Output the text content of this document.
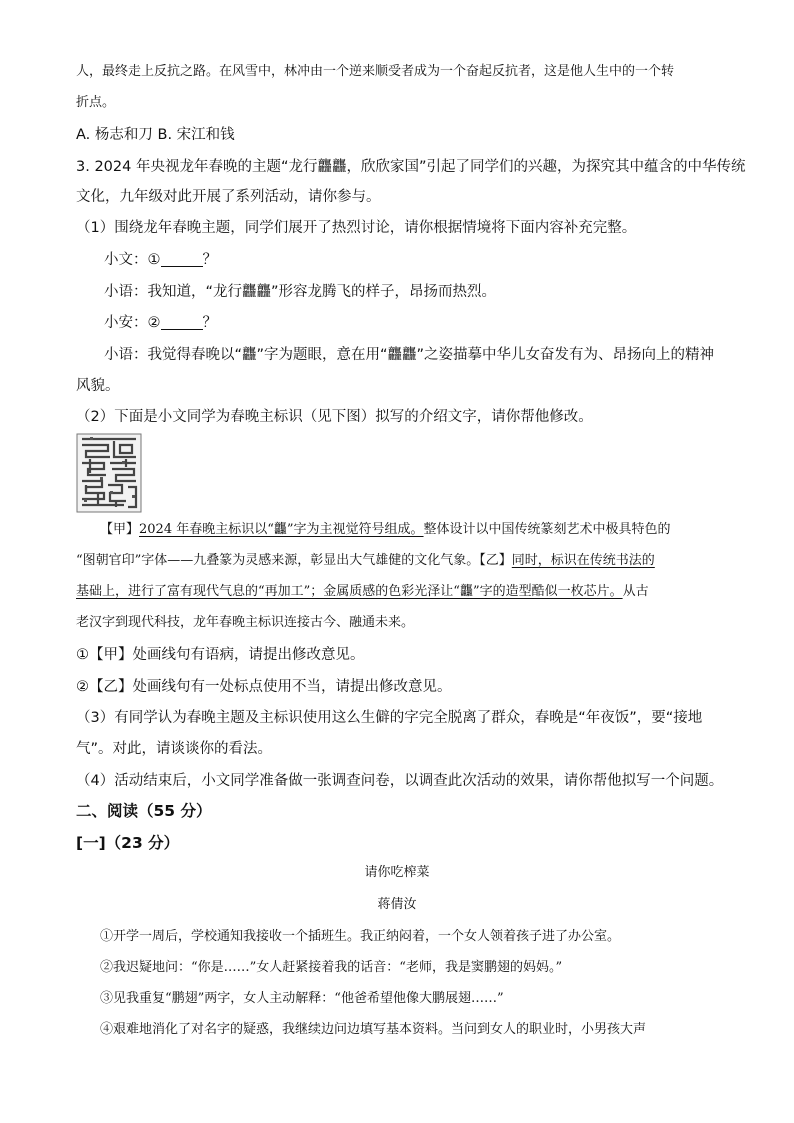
人，最终走上反抗之路。在风雪中，林冲由一个逆来顺受者成为一个奋起反抗者，这是他人生中的一个转
折点。
A. 杨志和刀 B. 宋江和钱
3. 2024 年央视龙年春晚的主题“龙行龘龘，欣欣家国”引起了同学们的兴趣，为探究其中蕴含的中华传统
文化，九年级对此开展了系列活动，请你参与。
（1）围绕龙年春晚主题，同学们展开了热烈讨论，请你根据情境将下面内容补充完整。
小文：①	？
小语：我知道，“龙行龘龘”形容龙腾飞的样子，昂扬而热烈。
小安：②	？
小语：我觉得春晚以“龘”字为题眼，意在用“龘龘”之姿描摹中华儿女奋发有为、昂扬向上的精神
风貌。
（2）下面是小文同学为春晚主标识（见下图）拟写的介绍文字，请你帮他修改。
【甲】2024 年春晚主标识以“龘”字为主视觉符号组成。整体设计以中国传统篆刻艺术中极具特色的
“图朝官印”字体——九叠篆为灵感来源，彰显出大气雄健的文化气象。【乙】同时，标识在传统书法的
基础上，进行了富有现代气息的“再加工”；金属质感的色彩光泽让“龘”字的造型酷似一枚芯片。从古
老汉字到现代科技，龙年春晚主标识连接古今、融通未来。
①【甲】处画线句有语病，请提出修改意见。
②【乙】处画线句有一处标点使用不当，请提出修改意见。
（3）有同学认为春晚主题及主标识使用这么生僻的字完全脱离了群众，春晚是“年夜饭”，要“接地
气”。对此，请谈谈你的看法。
（4）活动结束后，小文同学准备做一张调查问卷，以调查此次活动的效果，请你帮他拟写一个问题。
二、阅读（55 分）
[一]（23 分）
请你吃榨菜
蒋倩汝
①开学一周后，学校通知我接收一个插班生。我正纳闷着，一个女人领着孩子进了办公室。
②我迟疑地问：“你是……”女人赶紧接着我的话音：“老师，我是窦鹏翅的妈妈。”
③见我重复“鹏翅”两字，女人主动解释：“他爸希望他像大鹏展翅……”
④艰难地消化了对名字的疑惑，我继续边问边填写基本资料。当问到女人的职业时，小男孩大声
